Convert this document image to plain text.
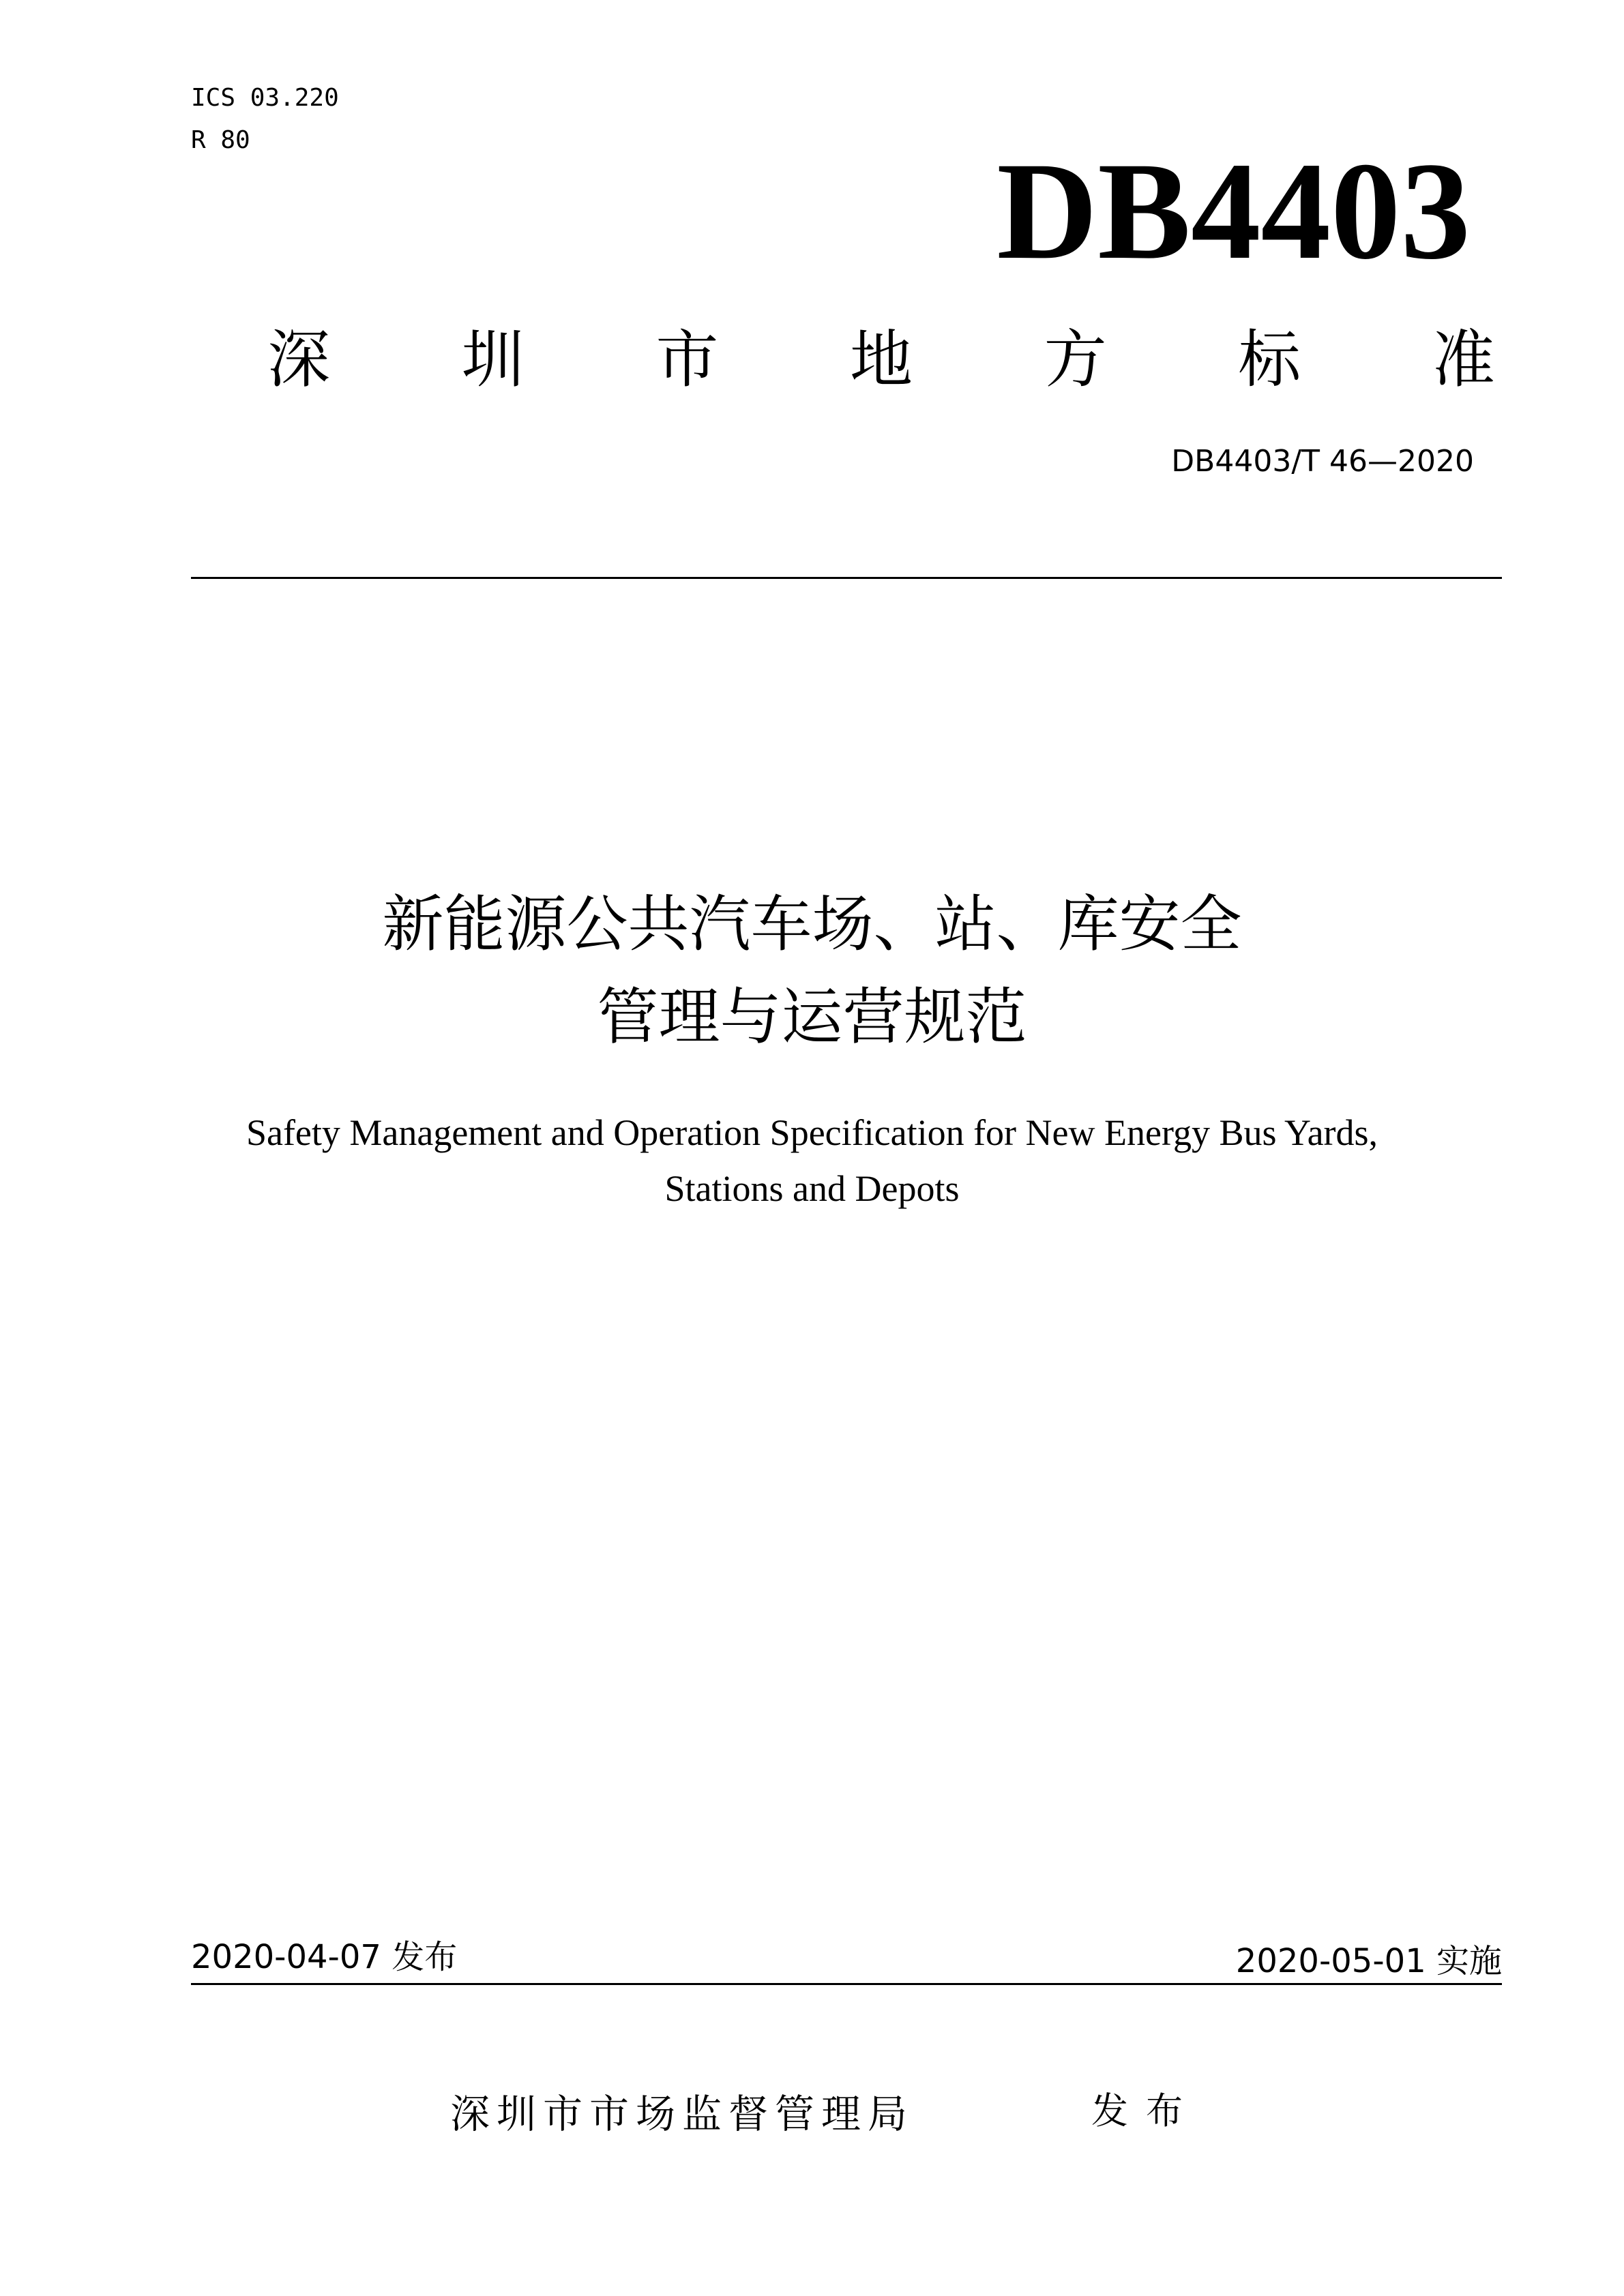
ICS 03.220
R 80	DB4403
深 圳 市 地 方 标 准
DB4403/T 46—2020
新能源公共汽车场、站、库安全
管理与运营规范
Safety Management and Operation Specification for New Energy Bus Yards,
Stations and Depots
2020-04-07 发布	2020-05-01 实施
深圳市市场监督管理局	发布
